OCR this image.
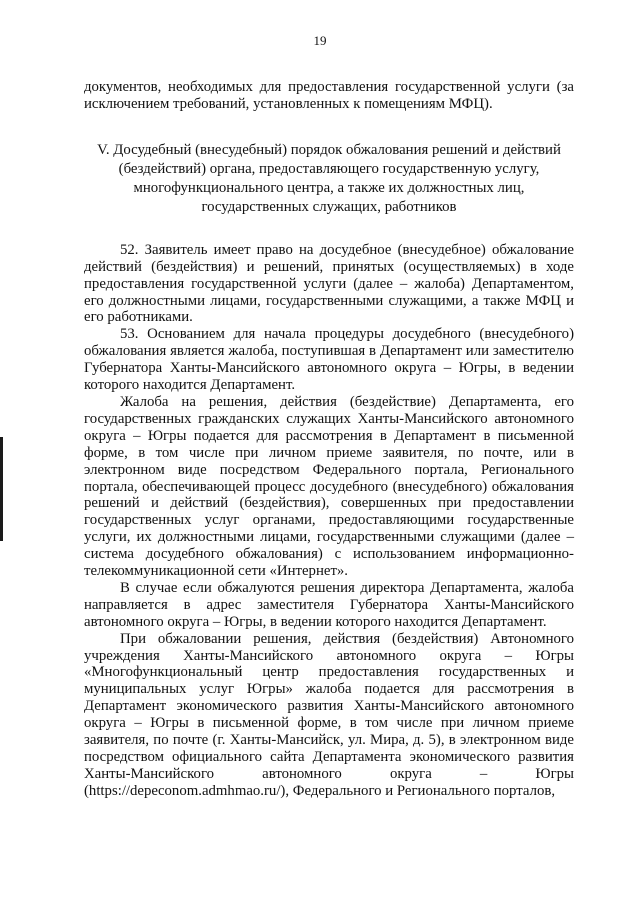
19

документов, необходимых для предоставления государственной услуги (за исключением требований, установленных к помещениям МФЦ).

V. Досудебный (внесудебный) порядок обжалования решений и действий (бездействий) органа, предоставляющего государственную услугу, многофункционального центра, а также их должностных лиц, государственных служащих, работников

52. Заявитель имеет право на досудебное (внесудебное) обжалование действий (бездействия) и решений, принятых (осуществляемых) в ходе предоставления государственной услуги (далее – жалоба) Департаментом, его должностными лицами, государственными служащими, а также МФЦ и его работниками.

53. Основанием для начала процедуры досудебного (внесудебного) обжалования является жалоба, поступившая в Департамент или заместителю Губернатора Ханты-Мансийского автономного округа – Югры, в ведении которого находится Департамент.

Жалоба на решения, действия (бездействие) Департамента, его государственных гражданских служащих Ханты-Мансийского автономного округа – Югры подается для рассмотрения в Департамент в письменной форме, в том числе при личном приеме заявителя, по почте, или в электронном виде посредством Федерального портала, Регионального портала, обеспечивающей процесс досудебного (внесудебного) обжалования решений и действий (бездействия), совершенных при предоставлении государственных услуг органами, предоставляющими государственные услуги, их должностными лицами, государственными служащими (далее – система досудебного обжалования) с использованием информационно-телекоммуникационной сети «Интернет».

В случае если обжалуются решения директора Департамента, жалоба направляется в адрес заместителя Губернатора Ханты-Мансийского автономного округа – Югры, в ведении которого находится Департамент.

При обжаловании решения, действия (бездействия) Автономного учреждения Ханты-Мансийского автономного округа – Югры «Многофункциональный центр предоставления государственных и муниципальных услуг Югры» жалоба подается для рассмотрения в Департамент экономического развития Ханты-Мансийского автономного округа – Югры в письменной форме, в том числе при личном приеме заявителя, по почте (г. Ханты-Мансийск, ул. Мира, д. 5), в электронном виде посредством официального сайта Департамента экономического развития Ханты-Мансийского автономного округа – Югры (https://depeconom.admhmao.ru/), Федерального и Регионального порталов,
